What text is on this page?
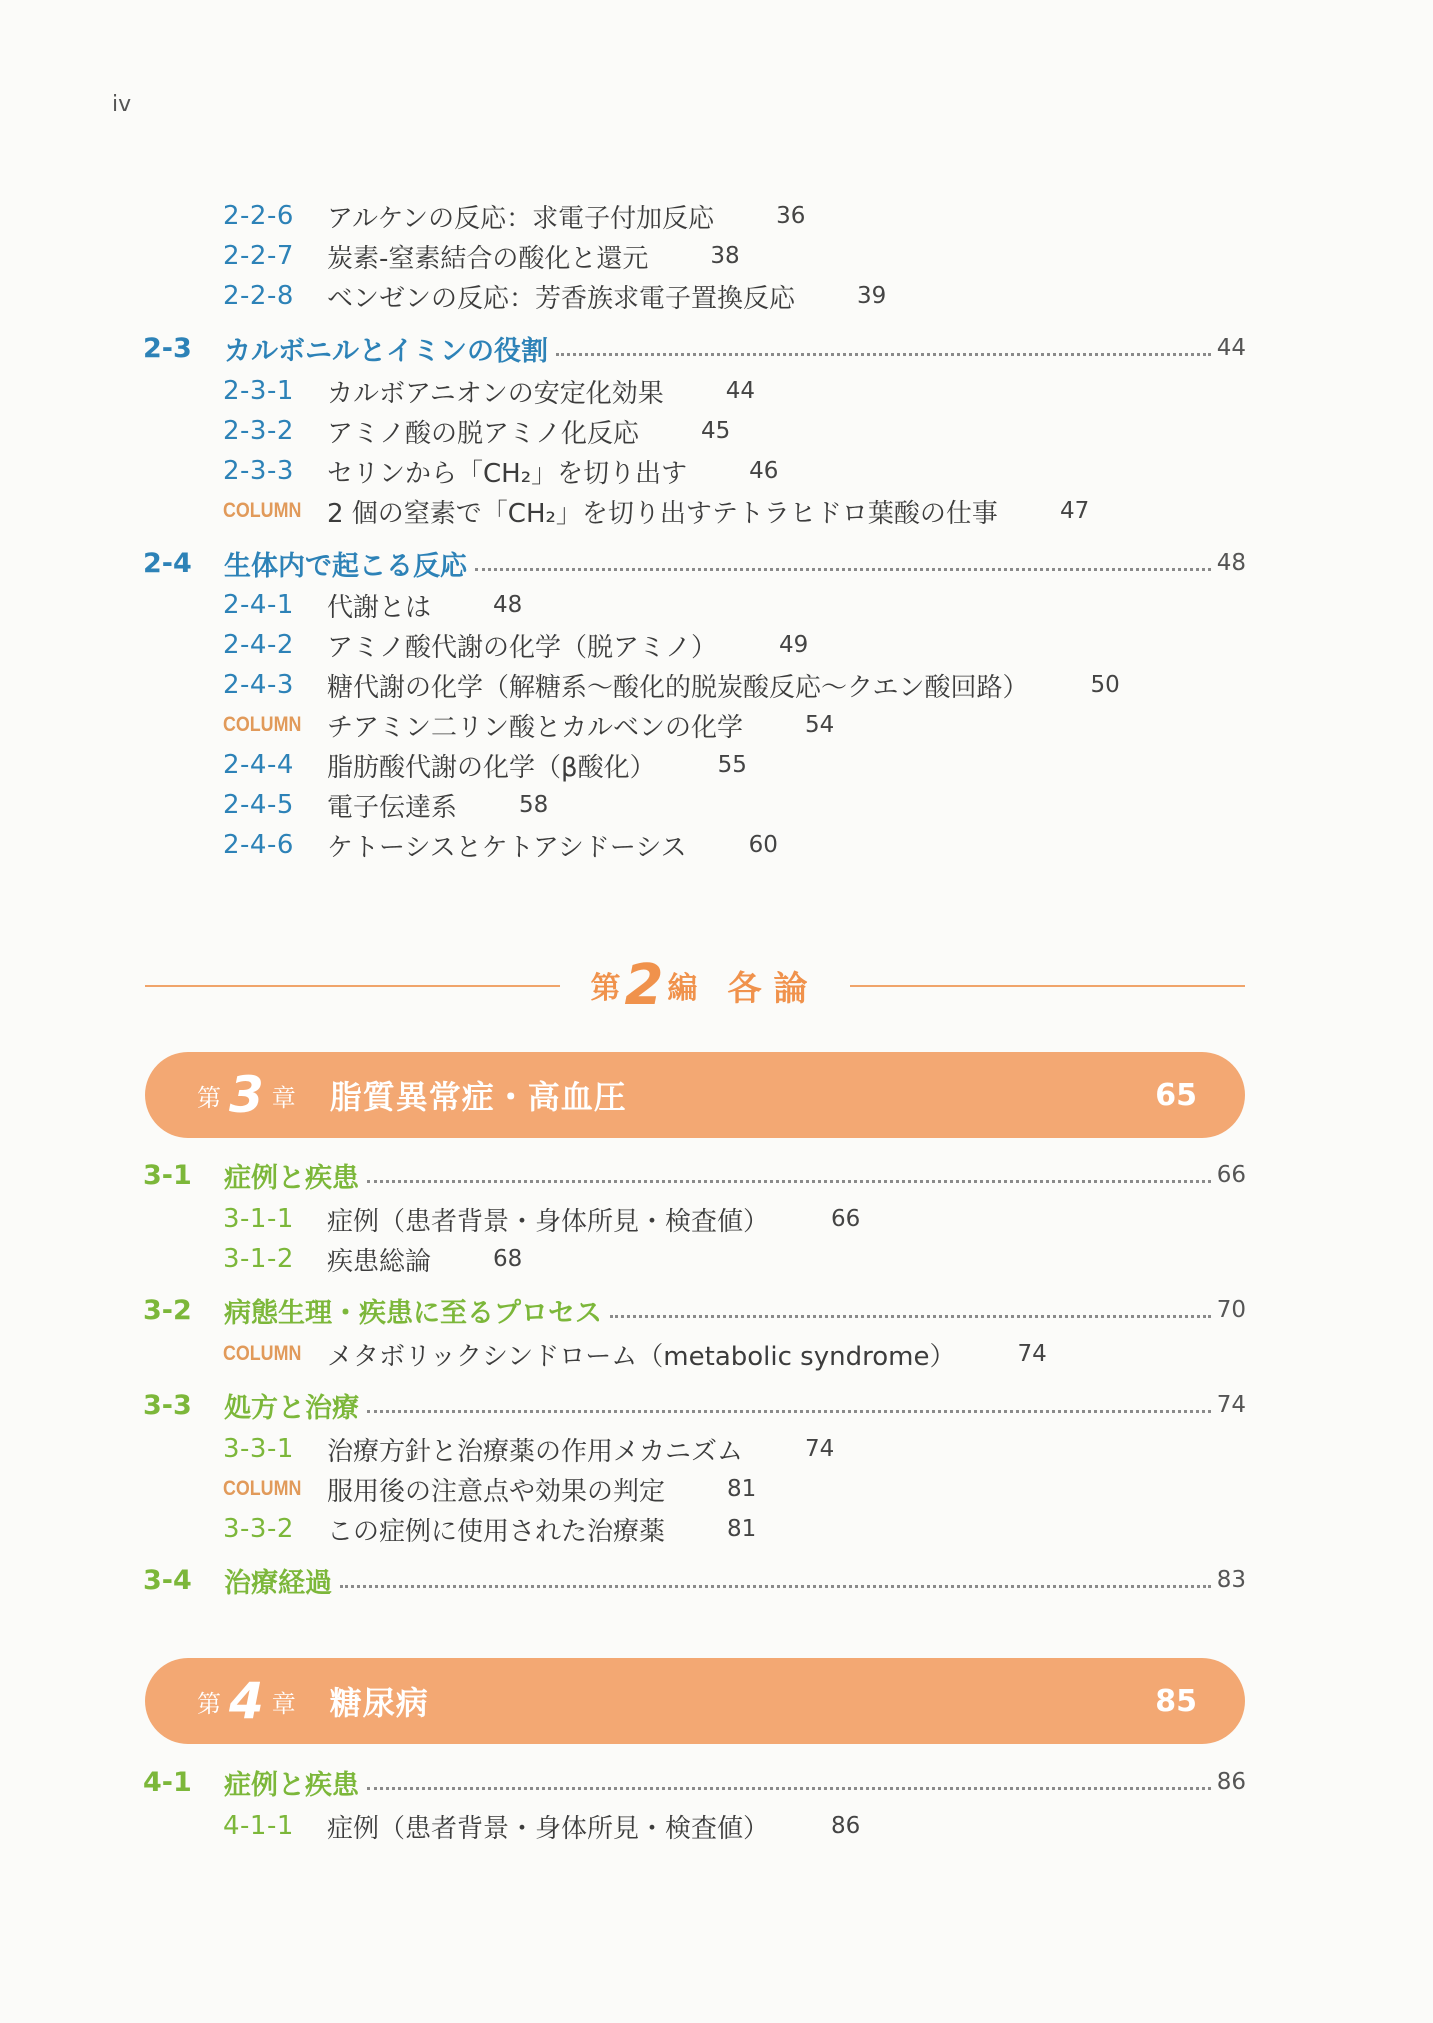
iv
2-2-6 アルケンの反応：求電子付加反応	36
2-2-7 炭素-窒素結合の酸化と還元	38
2-2-8 ベンゼンの反応：芳香族求電子置換反応	39
2-3	カルボニルとイミンの役割	44
2-3-1 カルボアニオンの安定化効果	44
2-3-2 アミノ酸の脱アミノ化反応	45
2-3-3 セリンから「CH₂」を切り出す	46
COLUMN 2 個の窒素で「CH₂」を切り出すテトラヒドロ葉酸の仕事	47
2-4	生体内で起こる反応	48
2-4-1 代謝とは	48
2-4-2 アミノ酸代謝の化学（脱アミノ）	49
2-4-3 糖代謝の化学（解糖系〜酸化的脱炭酸反応〜クエン酸回路）	50
COLUMN チアミン二リン酸とカルベンの化学	54
2-4-4 脂肪酸代謝の化学（β酸化）	55
2-4-5 電子伝達系	58
2-4-6 ケトーシスとケトアシドーシス	60
第 2 編 各論
第 3 章 脂質異常症・高血圧	65
3-1	症例と疾患	66
3-1-1 症例（患者背景・身体所見・検査値）	66
3-1-2 疾患総論	68
3-2	病態生理・疾患に至るプロセス	70
COLUMN メタボリックシンドローム（metabolic syndrome）	74
3-3	処方と治療	74
3-3-1 治療方針と治療薬の作用メカニズム	74
COLUMN 服用後の注意点や効果の判定	81
3-3-2 この症例に使用された治療薬	81
3-4	治療経過	83
第 4 章 糖尿病	85
4-1	症例と疾患	86
4-1-1 症例（患者背景・身体所見・検査値）	86
